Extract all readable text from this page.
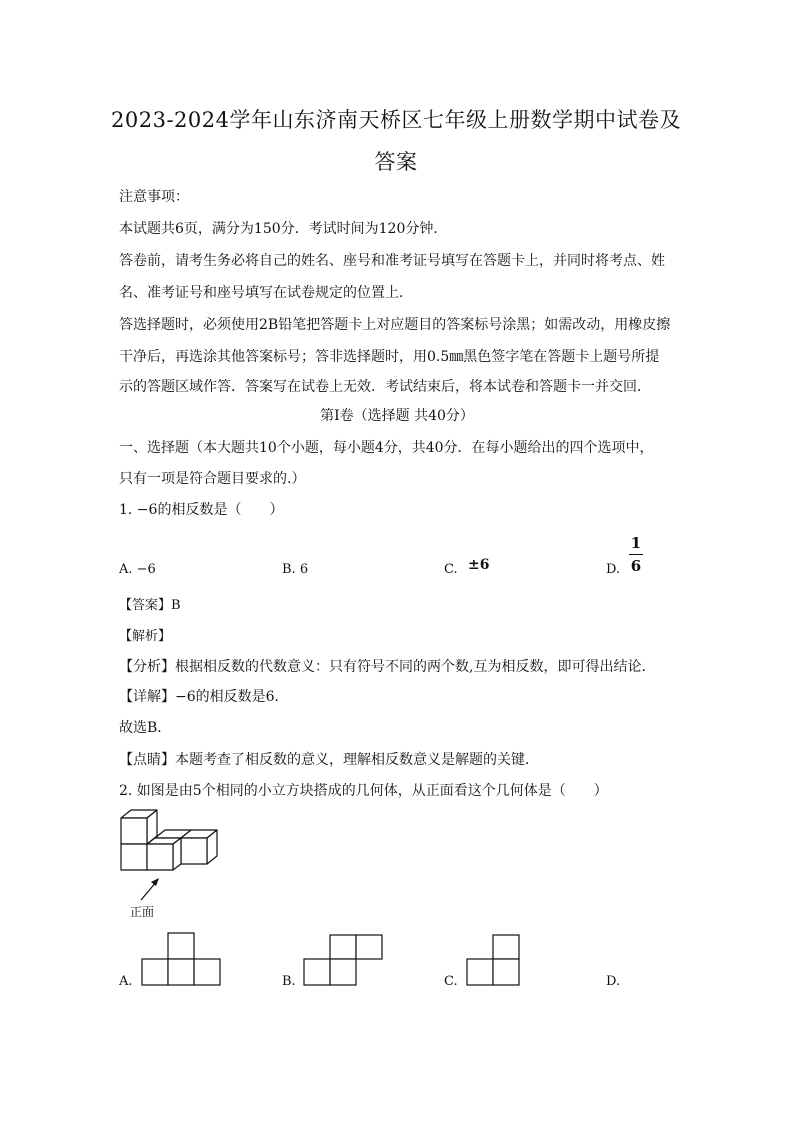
2023-2024学年山东济南天桥区七年级上册数学期中试卷及
答案
注意事项：
本试题共6页，满分为150分．考试时间为120分钟．
答卷前，请考生务必将自己的姓名、座号和准考证号填写在答题卡上，并同时将考点、姓
名、准考证号和座号填写在试卷规定的位置上．
答选择题时，必须使用2B铅笔把答题卡上对应题目的答案标号涂黑；如需改动，用橡皮擦
干净后，再选涂其他答案标号；答非选择题时，用0.5㎜黑色签字笔在答题卡上题号所提
示的答题区域作答．答案写在试卷上无效．考试结束后，将本试卷和答题卡一并交回．
第Ⅰ卷（选择题 共40分）
一、选择题（本大题共10个小题，每小题4分，共40分．在每小题给出的四个选项中，
只有一项是符合题目要求的.）
1. −6的相反数是（　　）
A. −6	B. 6	C. ±6	D.
1
6
【答案】B
【解析】
【分析】根据相反数的代数意义：只有符号不同的两个数,互为相反数，即可得出结论．
【详解】−6的相反数是6．
故选B．
【点睛】本题考查了相反数的意义，理解相反数意义是解题的关键．
2. 如图是由5个相同的小立方块搭成的几何体，从正面看这个几何体是（　　）
正面
A.	B.	C.	D.
